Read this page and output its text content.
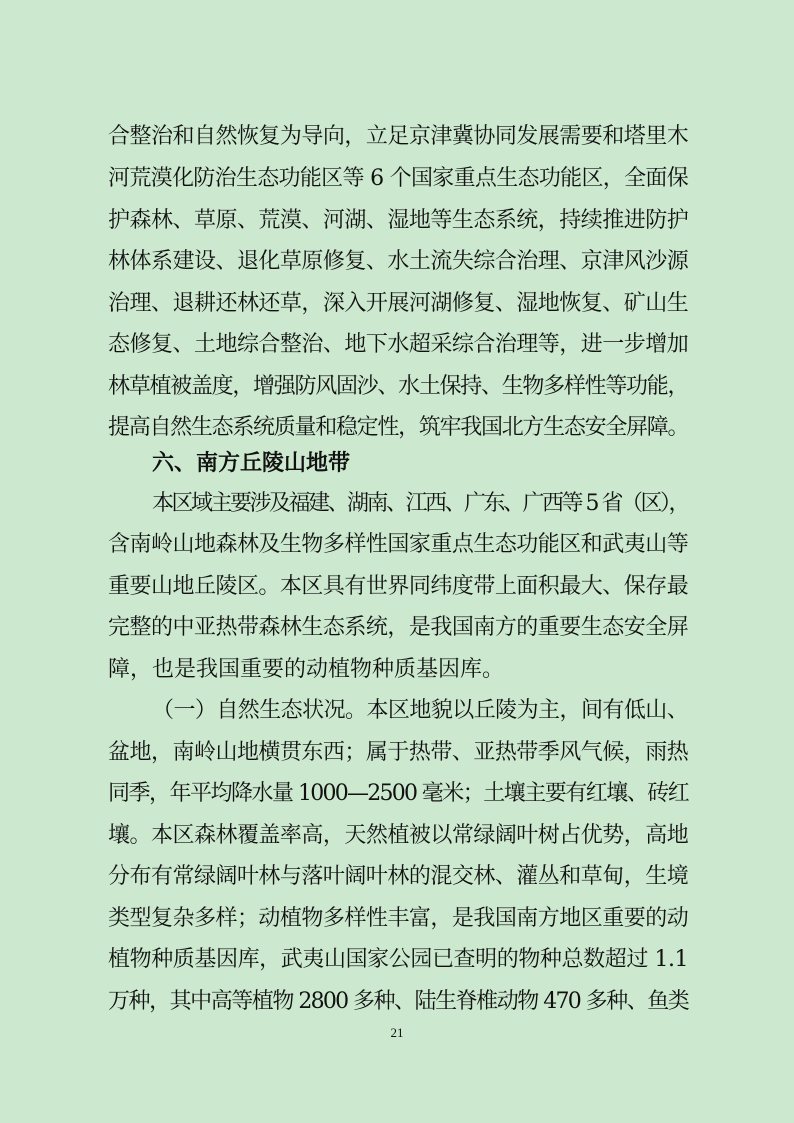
合整治和自然恢复为导向，立足京津冀协同发展需要和塔里木
河荒漠化防治生态功能区等 6 个国家重点生态功能区，全面保
护森林、草原、荒漠、河湖、湿地等生态系统，持续推进防护
林体系建设、退化草原修复、水土流失综合治理、京津风沙源
治理、退耕还林还草，深入开展河湖修复、湿地恢复、矿山生
态修复、土地综合整治、地下水超采综合治理等，进一步增加
林草植被盖度，增强防风固沙、水土保持、生物多样性等功能，
提高自然生态系统质量和稳定性，筑牢我国北方生态安全屏障。
六、南方丘陵山地带
本区域主要涉及福建、湖南、江西、广东、广西等 5 省（区），
含南岭山地森林及生物多样性国家重点生态功能区和武夷山等
重要山地丘陵区。本区具有世界同纬度带上面积最大、保存最
完整的中亚热带森林生态系统，是我国南方的重要生态安全屏
障，也是我国重要的动植物种质基因库。
（一）自然生态状况。本区地貌以丘陵为主，间有低山、
盆地，南岭山地横贯东西；属于热带、亚热带季风气候，雨热
同季，年平均降水量 1000—2500 毫米；土壤主要有红壤、砖红
壤。本区森林覆盖率高，天然植被以常绿阔叶树占优势，高地
分布有常绿阔叶林与落叶阔叶林的混交林、灌丛和草甸，生境
类型复杂多样；动植物多样性丰富，是我国南方地区重要的动
植物种质基因库，武夷山国家公园已查明的物种总数超过 1.1
万种，其中高等植物 2800 多种、陆生脊椎动物 470 多种、鱼类
21
